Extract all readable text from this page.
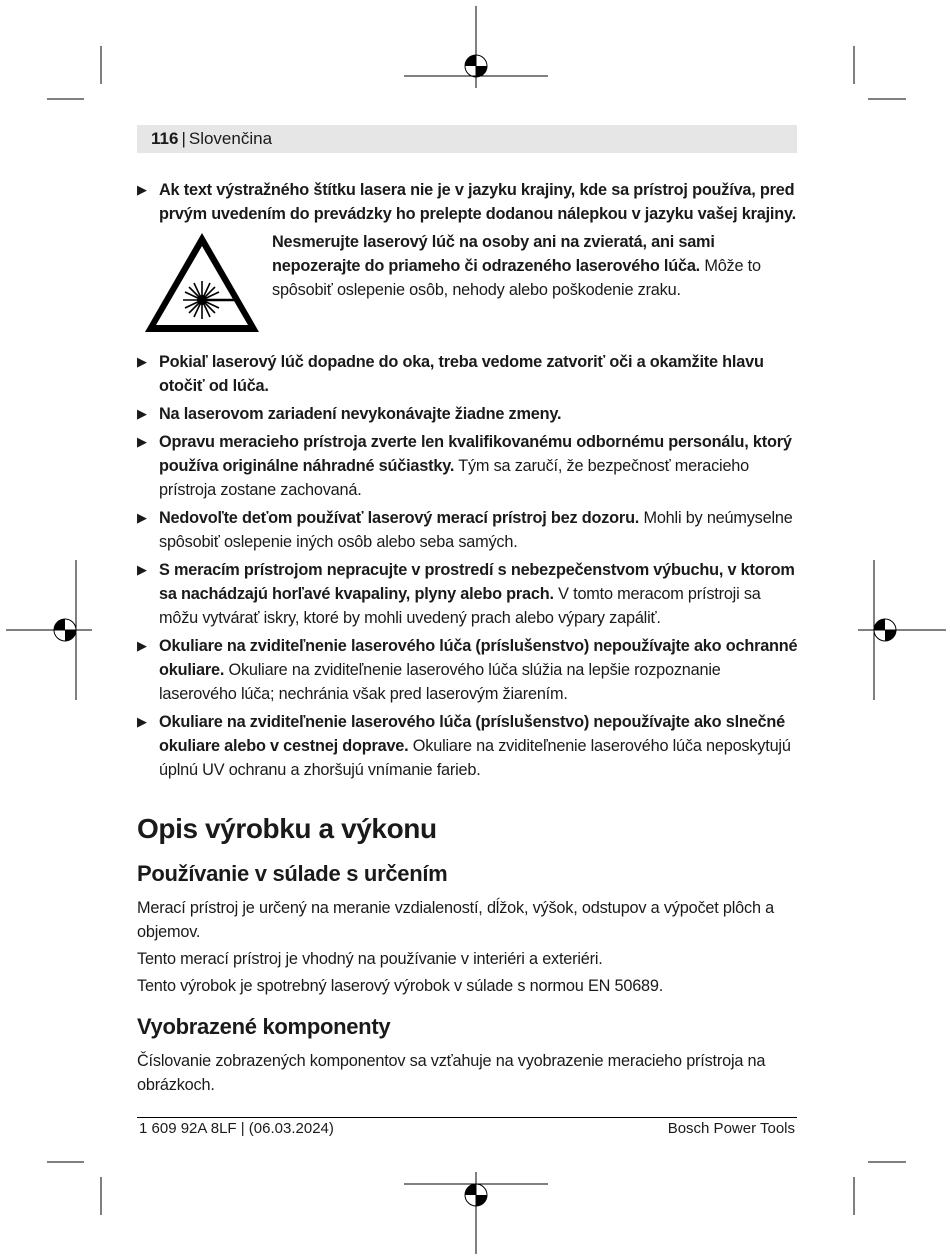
116 | Slovenčina
▶ Ak text výstražného štítku lasera nie je v jazyku krajiny, kde sa prístroj používa, pred prvým uvedením do prevádzky ho prelepte dodanou nálepkou v jazyku vašej krajiny.
Nesmerujte laserový lúč na osoby ani na zvieratá, ani sami nepozerajte do priameho či odrazeného laserového lúča. Môže to spôsobiť oslepenie osôb, nehody alebo poškodenie zraku.
▶ Pokiaľ laserový lúč dopadne do oka, treba vedome zatvoriť oči a okamžite hlavu otočiť od lúča.
▶ Na laserovom zariadení nevykonávajte žiadne zmeny.
▶ Opravu meracieho prístroja zverte len kvalifikovanému odbornému personálu, ktorý používa originálne náhradné súčiastky. Tým sa zaručí, že bezpečnosť meracieho prístroja zostane zachovaná.
▶ Nedovoľte deťom používať laserový merací prístroj bez dozoru. Mohli by neúmyselne spôsobiť oslepenie iných osôb alebo seba samých.
▶ S meracím prístrojom nepracujte v prostredí s nebezpečenstvom výbuchu, v ktorom sa nachádzajú horľavé kvapaliny, plyny alebo prach. V tomto meracom prístroji sa môžu vytvárať iskry, ktoré by mohli uvedený prach alebo výpary zapáliť.
▶ Okuliare na zviditeľnenie laserového lúča (príslušenstvo) nepoužívajte ako ochranné okuliare. Okuliare na zviditeľnenie laserového lúča slúžia na lepšie rozpoznanie laserového lúča; nechránia však pred laserovým žiarením.
▶ Okuliare na zviditeľnenie laserového lúča (príslušenstvo) nepoužívajte ako slnečné okuliare alebo v cestnej doprave. Okuliare na zviditeľnenie laserového lúča neposkytujú úplnú UV ochranu a zhoršujú vnímanie farieb.
Opis výrobku a výkonu
Používanie v súlade s určením

Merací prístroj je určený na meranie vzdialeností, dĺžok, výšok, odstupov a výpočet plôch a objemov.

Tento merací prístroj je vhodný na používanie v interiéri a exteriéri.

Tento výrobok je spotrebný laserový výrobok v súlade s normou EN 50689.

Vyobrazené komponenty

Číslovanie zobrazených komponentov sa vzťahuje na vyobrazenie meracieho prístroja na obrázkoch.

1 609 92A 8LF | (06.03.2024)	Bosch Power Tools
